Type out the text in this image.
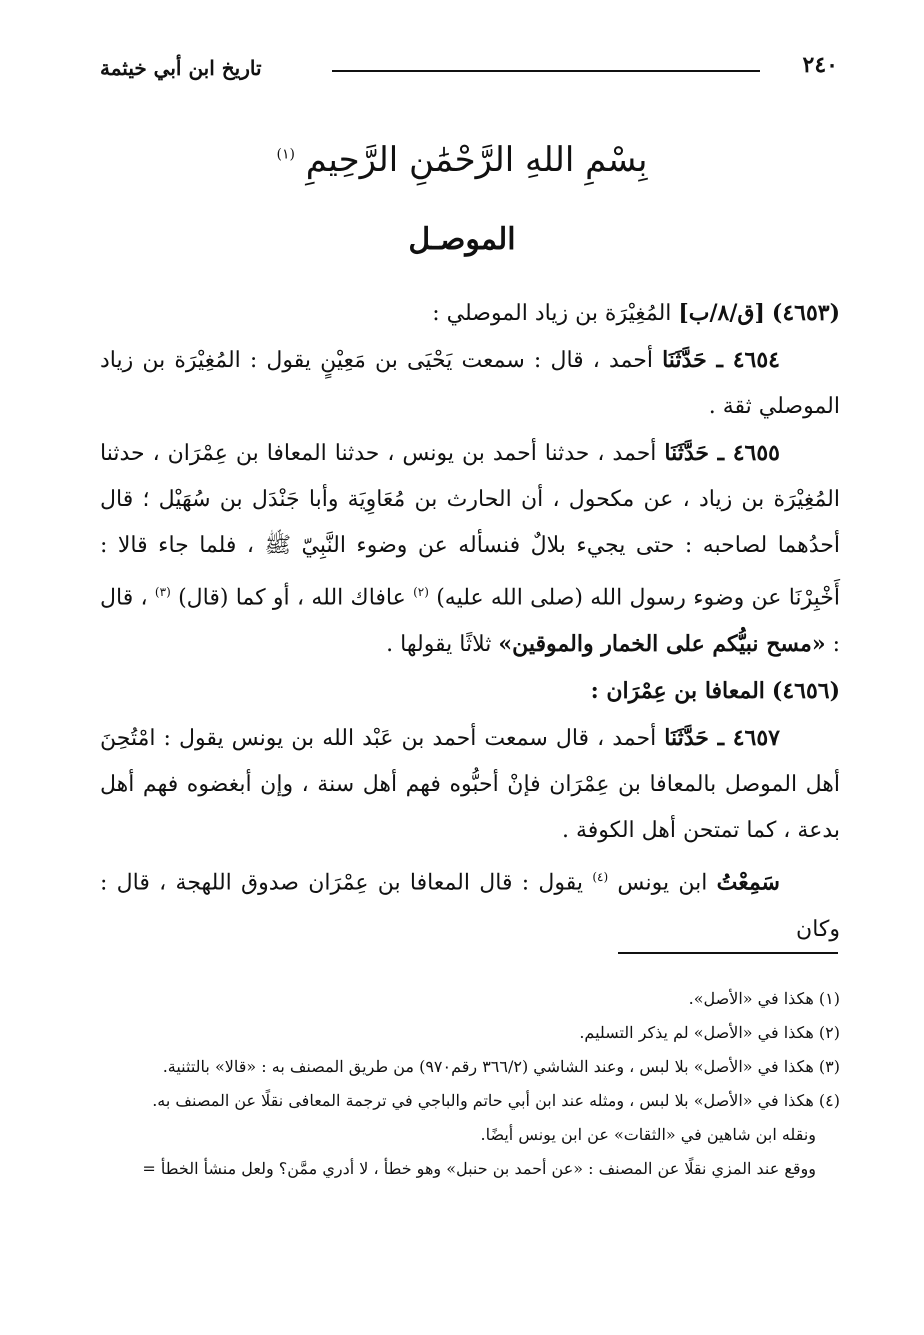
٢٤٠
تاريخ ابن أبي خيثمة
بِسْمِ اللهِ الرَّحْمَٰنِ الرَّحِيمِ $^{(١)}$
الموصـل

(٤٦٥٣) [ق/٨/ب] المُغِيْرَة بن زياد الموصلي :

٤٦٥٤ ـ حَدَّثَنَا أحمد ، قال : سمعت يَحْيَى بن مَعِيْنٍ يقول : المُغِيْرَة بن زياد الموصلي ثقة .

٤٦٥٥ ـ حَدَّثَنَا أحمد ، حدثنا أحمد بن يونس ، حدثنا المعافا بن عِمْرَان ، حدثنا المُغِيْرَة بن زياد ، عن مكحول ، أن الحارث بن مُعَاوِيَة وأبا جَنْدَل بن سُهَيْل ؛ قال أحدُهما لصاحبه : حتى يجيء بلالٌ فنسأله عن وضوء النَّبِيّ ﷺ ، فلما جاء قالا : أَخْبِرْنَا عن وضوء رسول الله (صلى الله عليه) $^{(٢)}$ عافاك الله ، أو كما (قال) $^{(٣)}$ ، قال : «مسح نبيُّكم على الخمار والموقين» ثلاثًا يقولها .

(٤٦٥٦) المعافا بن عِمْرَان :

٤٦٥٧ ـ حَدَّثَنَا أحمد ، قال سمعت أحمد بن عَبْد الله بن يونس يقول : امْتُحِنَ أهل الموصل بالمعافا بن عِمْرَان فإنْ أحبُّوه فهم أهل سنة ، وإن أبغضوه فهم أهل بدعة ، كما تمتحن أهل الكوفة .

سَمِعْتُ ابن يونس $^{(٤)}$ يقول : قال المعافا بن عِمْرَان صدوق اللهجة ، قال : وكان

(١) هكذا في «الأصل».

(٢) هكذا في «الأصل» لم يذكر التسليم.

(٣) هكذا في «الأصل» بلا لبس ، وعند الشاشي (٣٦٦/٢ رقم٩٧٠) من طريق المصنف به : «قالا» بالتثنية.

(٤) هكذا في «الأصل» بلا لبس ، ومثله عند ابن أبي حاتم والباجي في ترجمة المعافى نقلًا عن المصنف به.

ونقله ابن شاهين في «الثقات» عن ابن يونس أيضًا.

ووقع عند المزي نقلًا عن المصنف : «عن أحمد بن حنبل» وهو خطأ ، لا أدري ممَّن؟ ولعل منشأ الخطأ =
